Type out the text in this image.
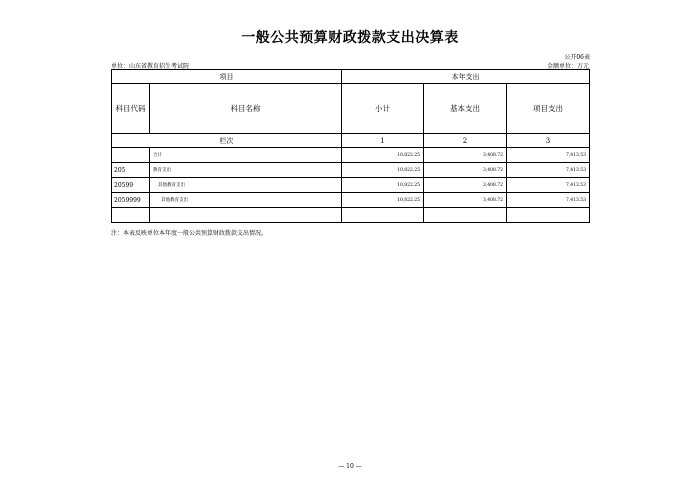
一般公共预算财政拨款支出决算表
公开06表
单位：山东省教育招生考试院	金额单位：万元
项目		本年支出		
科目代码	科目名称	小计	基本支出	项目支出
栏次		1	2	3
	合计	10,822.25	3,408.72	7,413.53
205	教育支出	10,822.25	3,408.72	7,413.53
20599	其他教育支出	10,822.25	3,408.72	7,413.53
2059999	其他教育支出	10,822.25	3,408.72	7,413.53

注：本表反映单位本年度一般公共预算财政拨款支出情况。
— 10 —
